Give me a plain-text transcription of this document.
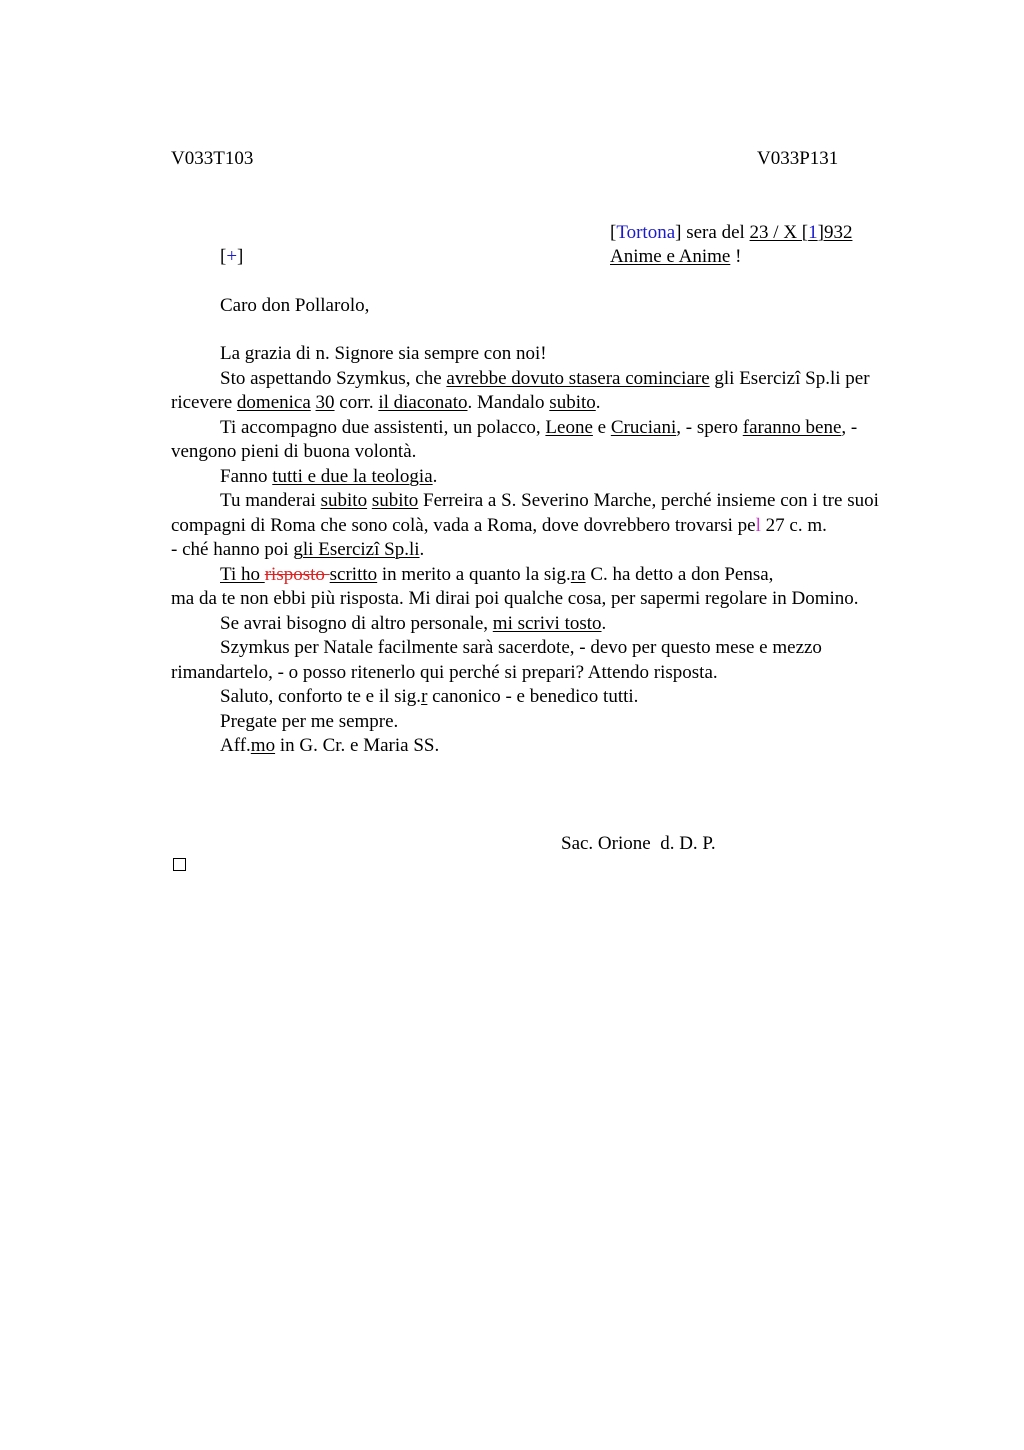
V033T103	V033P131
[Tortona] sera del 23 / X [1]932
[+]	Anime e Anime !
Caro don Pollarolo,

La grazia di n. Signore sia sempre con noi!

Sto aspettando Szymkus, che avrebbe dovuto stasera cominciare gli Esercizî Sp.li per ricevere domenica 30 corr. il diaconato. Mandalo subito.

Ti accompagno due assistenti, un polacco, Leone e Cruciani, - spero faranno bene, - vengono pieni di buona volontà.

Fanno tutti e due la teologia.

Tu manderai subito subito Ferreira a S. Severino Marche, perché insieme con i tre suoi compagni di Roma che sono colà, vada a Roma, dove dovrebbero trovarsi pel 27 c. m.

- ché hanno poi gli Esercizî Sp.li.

Ti ho risposto scritto in merito a quanto la sig.ra C. ha detto a don Pensa,

ma da te non ebbi più risposta. Mi dirai poi qualche cosa, per sapermi regolare in Domino.

Se avrai bisogno di altro personale, mi scrivi tosto.

Szymkus per Natale facilmente sarà sacerdote, - devo per questo mese e mezzo rimandartelo, - o posso ritenerlo qui perché si prepari? Attendo risposta.

Saluto, conforto te e il sig.r canonico - e benedico tutti.

Pregate per me sempre.

Aff.mo in G. Cr. e Maria SS.

Sac. Orione  d. D. P.
